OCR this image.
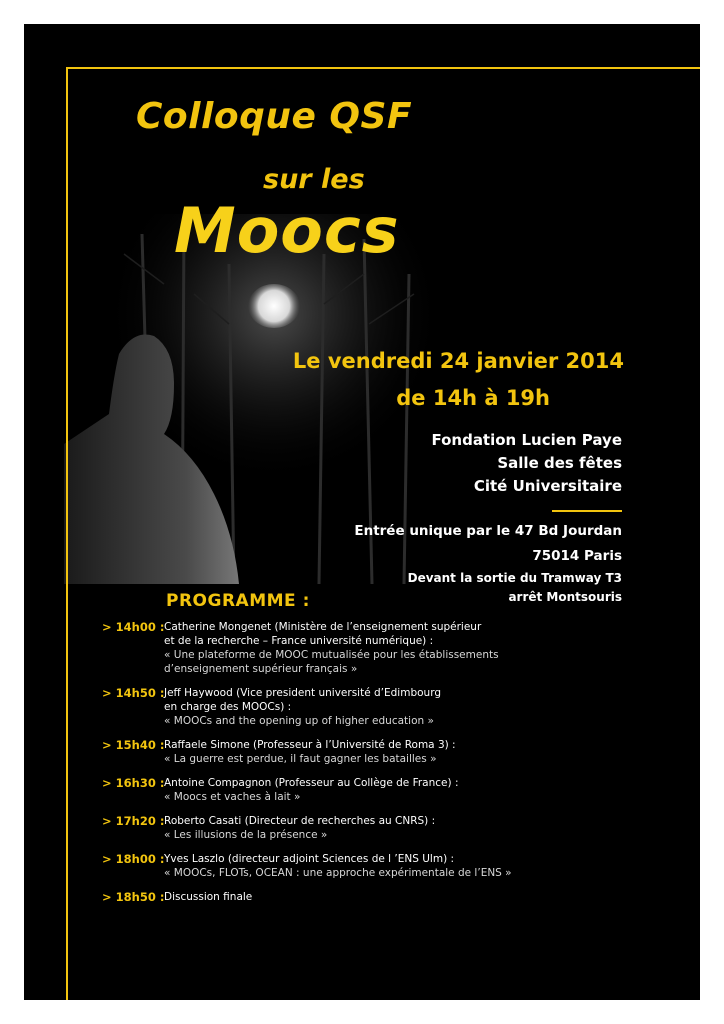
Colloque QSF
sur les
Moocs
Le vendredi 24 janvier 2014
de 14h à 19h
Fondation Lucien Paye
Salle des fêtes
Cité Universitaire
Entrée unique par le 47 Bd Jourdan
75014 Paris
Devant la sortie du Tramway T3
arrêt Montsouris
PROGRAMME :
> 14h00 : Catherine Mongenet (Ministère de l’enseignement supérieur
et de la recherche – France université numérique) :
« Une plateforme de MOOC mutualisée pour les établissements
d’enseignement supérieur français »
> 14h50 : Jeff Haywood (Vice president université d’Edimbourg
en charge des MOOCs) :
« MOOCs and the opening up of higher education »
> 15h40 : Raffaele Simone (Professeur à l’Université de Roma 3) :
« La guerre est perdue, il faut gagner les batailles »
> 16h30 : Antoine Compagnon (Professeur au Collège de France) :
« Moocs et vaches à lait »
> 17h20 : Roberto Casati (Directeur de recherches au CNRS) :
« Les illusions de la présence »
> 18h00 : Yves Laszlo (directeur adjoint Sciences de l ’ENS Ulm) :
« MOOCs, FLOTs, OCEAN : une approche expérimentale de l’ENS »
> 18h50 : Discussion finale
